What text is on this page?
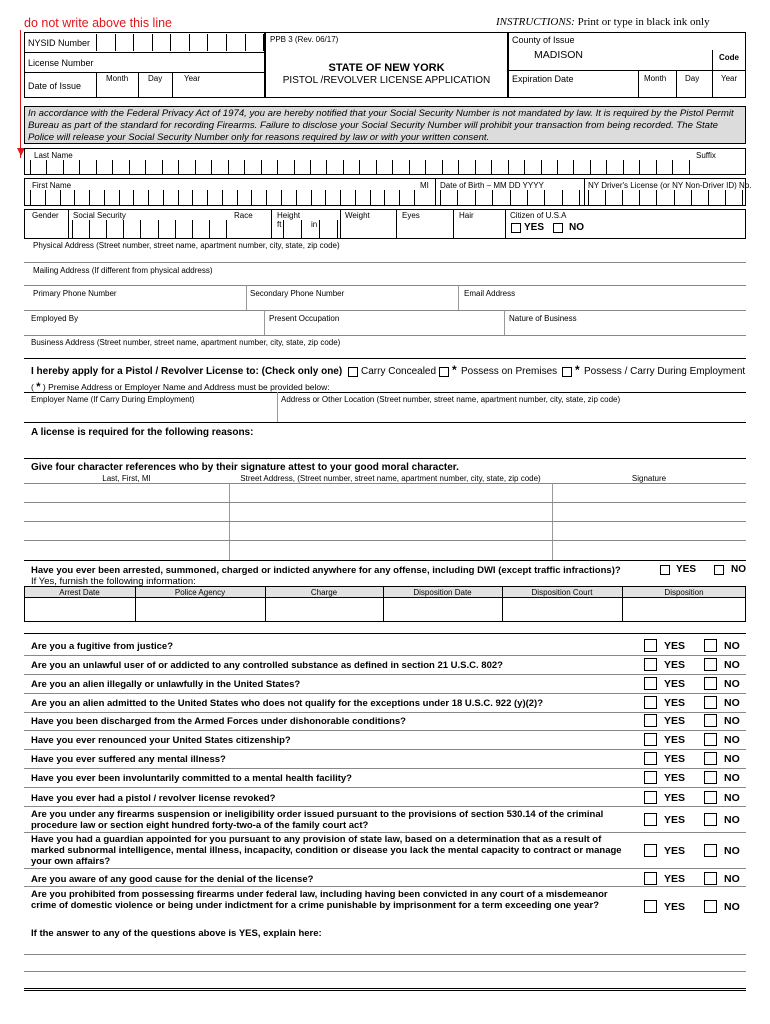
do not write above this line	INSTRUCTIONS: Print or type in black ink only
NYSID Number
License Number
Date of Issue
Month Day	Year
PPB 3 (Rev. 06/17)
STATE OF NEW YORK
PISTOL /REVOLVER LICENSE APPLICATION
County of Issue
MADISON	Code
Expiration Date	Month Day	Year
In accordance with the Federal Privacy Act of 1974, you are hereby notified that your Social Security Number is not mandated by law. It is required by the Pistol Permit Bureau as part of the standard for recording Firearms. Failure to disclose your Social Security Number will prohibit your transaction from being recorded. The State Police will release your Social Security Number only for reasons required by law or with your written consent.
Last Name	Suffix
First Name	MI Date of Birth – MM DD YYYY	NY Driver's License (or NY Non-Driver ID) No.
Gender Social Security	Race	Height
ft	in
Weight	Eyes	Hair	Citizen of U.S.A
YES NO
Physical Address (Street number, street name, apartment number, city, state, zip code)
Mailing Address (If different from physical address)
Primary Phone Number	Secondary Phone Number	Email Address
Employed By	Present Occupation	Nature of Business
Business Address (Street number, street name, apartment number, city, state, zip code)
I hereby apply for a Pistol / Revolver License to: (Check only one) Carry Concealed * Possess on Premises * Possess / Carry During Employment
( * ) Premise Address or Employer Name and Address must be provided below:
Employer Name (If Carry During Employment)	Address or Other Location (Street number, street name, apartment number, city, state, zip code)
A license is required for the following reasons:
Give four character references who by their signature attest to your good moral character.
Last, First, MI	Street Address, (Street number, street name, apartment number, city, state, zip code)	Signature
Have you ever been arrested, summoned, charged or indicted anywhere for any offense, including DWI (except traffic infractions)?	YES	NO
If Yes, furnish the following information:
Arrest Date	Police Agency	Charge	Disposition Date	Disposition Court	Disposition
Are you a fugitive from justice?	YES	NO
Are you an unlawful user of or addicted to any controlled substance as defined in section 21 U.S.C. 802?	YES	NO
Are you an alien illegally or unlawfully in the United States?	YES	NO
Are you an alien admitted to the United States who does not qualify for the exceptions under 18 U.S.C. 922 (y)(2)?	YES	NO
Have you been discharged from the Armed Forces under dishonorable conditions?	YES	NO
Have you ever renounced your United States citizenship?	YES	NO
Have you ever suffered any mental illness?	YES	NO
Have you ever been involuntarily committed to a mental health facility?	YES	NO
Have you ever had a pistol / revolver license revoked?	YES	NO
Are you under any firearms suspension or ineligibility order issued pursuant to the provisions of section 530.14 of the criminal procedure law or section eight hundred forty-two-a of the family court act?	YES	NO
Have you had a guardian appointed for you pursuant to any provision of state law, based on a determination that as a result of marked subnormal intelligence, mental illness, incapacity, condition or disease you lack the mental capacity to contract or manage your own affairs?
YES	NO
Are you aware of any good cause for the denial of the license?	YES	NO
Are you prohibited from possessing firearms under federal law, including having been convicted in any court of a misdemeanor crime of domestic violence or being under indictment for a crime punishable by imprisonment for a term exceeding one year?	YES	NO
If the answer to any of the questions above is YES, explain here:
